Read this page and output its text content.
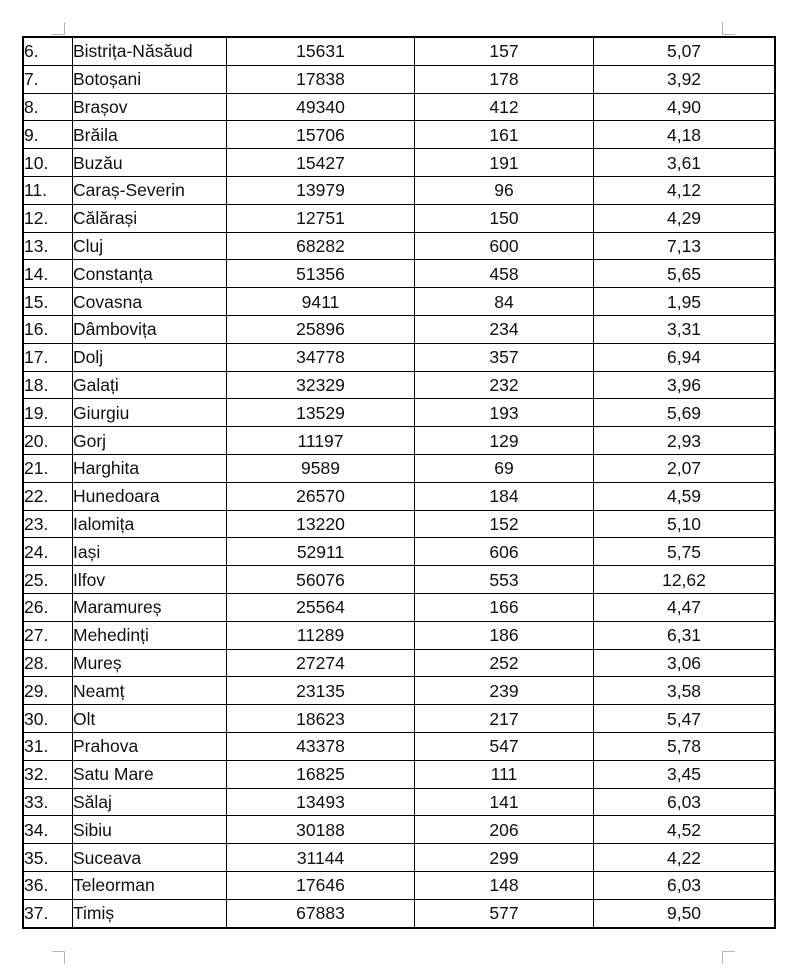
6.	Bistrița-Năsăud	15631	157	5,07
7.	Botoșani	17838	178	3,92
8.	Brașov	49340	412	4,90
9.	Brăila	15706	161	4,18
10.	Buzău	15427	191	3,61
11.	Caraș-Severin	13979	96	4,12
12.	Călărași	12751	150	4,29
13.	Cluj	68282	600	7,13
14.	Constanța	51356	458	5,65
15.	Covasna	9411	84	1,95
16.	Dâmbovița	25896	234	3,31
17.	Dolj	34778	357	6,94
18.	Galați	32329	232	3,96
19.	Giurgiu	13529	193	5,69
20.	Gorj	11197	129	2,93
21.	Harghita	9589	69	2,07
22.	Hunedoara	26570	184	4,59
23.	Ialomița	13220	152	5,10
24.	Iași	52911	606	5,75
25.	Ilfov	56076	553	12,62
26.	Maramureș	25564	166	4,47
27.	Mehedinți	11289	186	6,31
28.	Mureș	27274	252	3,06
29.	Neamț	23135	239	3,58
30.	Olt	18623	217	5,47
31.	Prahova	43378	547	5,78
32.	Satu Mare	16825	111	3,45
33.	Sălaj	13493	141	6,03
34.	Sibiu	30188	206	4,52
35.	Suceava	31144	299	4,22
36.	Teleorman	17646	148	6,03
37.	Timiș	67883	577	9,50
